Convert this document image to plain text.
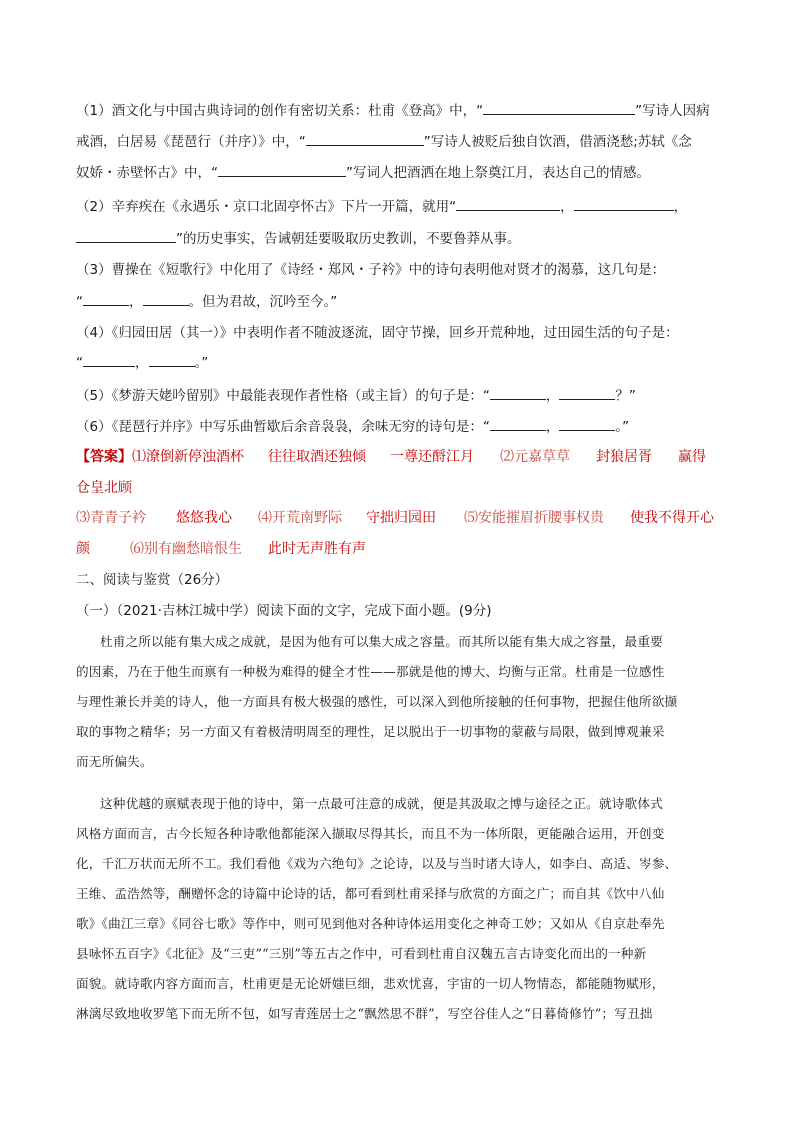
（1）酒文化与中国古典诗词的创作有密切关系：杜甫《登高》中，“	”写诗人因病
戒酒，白居易《琵琶行（并序）》中，“	”写诗人被贬后独自饮酒，借酒浇愁;苏轼《念
奴娇・赤壁怀古》中，“	”写词人把酒洒在地上祭奠江月，表达自己的情感。
（2）辛弃疾在《永遇乐・京口北固亭怀古》下片一开篇，就用“	，	，
”的历史事实，告诫朝廷要吸取历史教训，不要鲁莽从事。
（3）曹操在《短歌行》中化用了《诗经・郑风・子衿》中的诗句表明他对贤才的渴慕，这几句是：
“	，	。但为君故，沉吟至今。”
（4）《归园田居（其一）》中表明作者不随波逐流，固守节操，回乡开荒种地，过田园生活的句子是：
“	，	。”
（5）《梦游天姥吟留别》中最能表现作者性格（或主旨）的句子是：“	，	？”
（6）《琵琶行并序》中写乐曲暂歇后余音袅袅，余味无穷的诗句是：“	，	。”
【答案】⑴潦倒新停浊酒杯 往往取酒还独倾 一尊还酹江月 ⑵元嘉草草 封狼居胥 赢得
仓皇北顾
⑶青青子衿 悠悠我心 ⑷开荒南野际 守拙归园田 ⑸安能摧眉折腰事权贵 使我不得开心
颜	⑹别有幽愁暗恨生 此时无声胜有声
二、阅读与鉴赏（26分）
（一）（2021·吉林江城中学）阅读下面的文字，完成下面小题。(9分)
杜甫之所以能有集大成之成就，是因为他有可以集大成之容量。而其所以能有集大成之容量，最重要
的因素，乃在于他生而禀有一种极为难得的健全才性——那就是他的博大、均衡与正常。杜甫是一位感性
与理性兼长并美的诗人，他一方面具有极大极强的感性，可以深入到他所接触的任何事物，把握住他所欲撷
取的事物之精华；另一方面又有着极清明周至的理性，足以脱出于一切事物的蒙蔽与局限，做到博观兼采
而无所偏失。
这种优越的禀赋表现于他的诗中，第一点最可注意的成就，便是其汲取之博与途径之正。就诗歌体式
风格方面而言，古今长短各种诗歌他都能深入撷取尽得其长，而且不为一体所限，更能融合运用，开创变
化，千汇万状而无所不工。我们看他《戏为六绝句》之论诗，以及与当时诸大诗人，如李白、高适、岑参、
王维、孟浩然等，酬赠怀念的诗篇中论诗的话，都可看到杜甫采择与欣赏的方面之广；而自其《饮中八仙
歌》《曲江三章》《同谷七歌》等作中，则可见到他对各种诗体运用变化之神奇工妙；又如从《自京赴奉先
县咏怀五百字》《北征》及“三吏”“三别”等五古之作中，可看到杜甫自汉魏五言古诗变化而出的一种新
面貌。就诗歌内容方面而言，杜甫更是无论妍媸巨细，悲欢忧喜，宇宙的一切人物情态，都能随物赋形，
淋漓尽致地收罗笔下而无所不包，如写青莲居士之“飘然思不群”，写空谷佳人之“日暮倚修竹”；写丑拙
